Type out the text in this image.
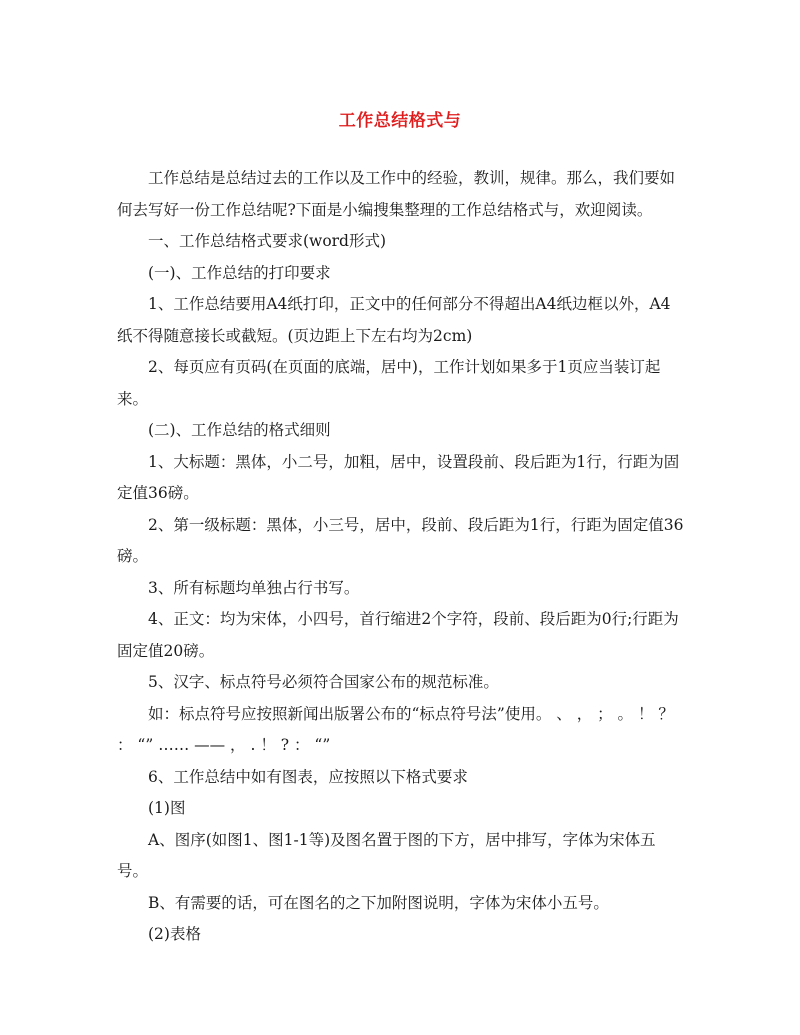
工作总结格式与

工作总结是总结过去的工作以及工作中的经验，教训，规律。那么，我们要如何去写好一份工作总结呢?下面是小编搜集整理的工作总结格式与，欢迎阅读。

一、工作总结格式要求(word形式)

(一)、工作总结的打印要求

1、工作总结要用A4纸打印，正文中的任何部分不得超出A4纸边框以外，A4纸不得随意接长或截短。(页边距上下左右均为2cm)

2、每页应有页码(在页面的底端，居中)，工作计划如果多于1页应当装订起来。

(二)、工作总结的格式细则

1、大标题：黑体，小二号，加粗，居中，设置段前、段后距为1行，行距为固定值36磅。

2、第一级标题：黑体，小三号，居中，段前、段后距为1行，行距为固定值36磅。

3、所有标题均单独占行书写。

4、正文：均为宋体，小四号，首行缩进2个字符，段前、段后距为0行;行距为固定值20磅。

5、汉字、标点符号必须符合国家公布的规范标准。

如：标点符号应按照新闻出版署公布的“标点符号法”使用。 、 ， ； 。 ！ ？ ： “” …… —— ， . ！ ? ： “”

6、工作总结中如有图表，应按照以下格式要求

(1)图

A、图序(如图1、图1-1等)及图名置于图的下方，居中排写，字体为宋体五号。

B、有需要的话，可在图名的之下加附图说明，字体为宋体小五号。

(2)表格
